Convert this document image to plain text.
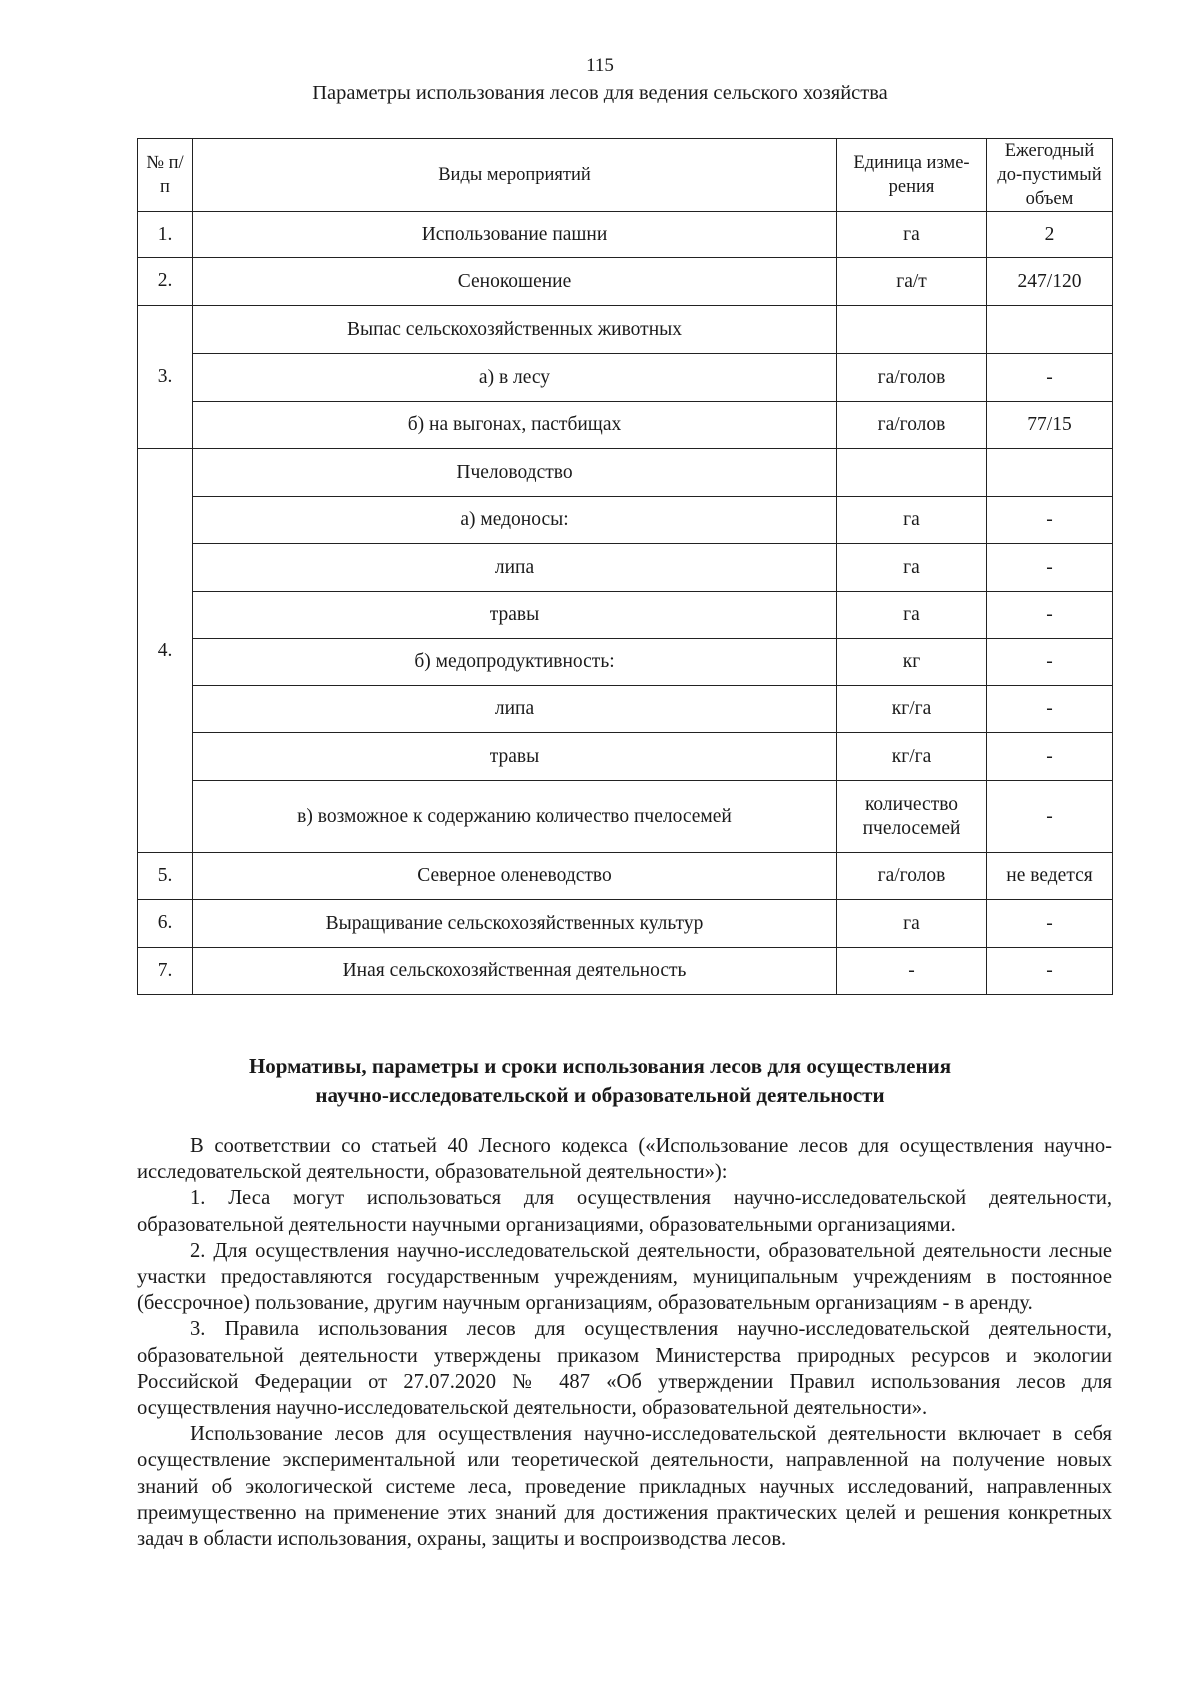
115
Параметры использования лесов для ведения сельского хозяйства
№ п/п	Виды мероприятий	Единица изме-рения	Ежегодный до-пустимый объем
1.	Использование пашни	га	2
2.	Сенокошение	га/т	247/120
3.	Выпас сельскохозяйственных животных		
	а) в лесу	га/голов	-
	б) на выгонах, пастбищах	га/голов	77/15
4.	Пчеловодство		
	а) медоносы:	га	-
	липа	га	-
	травы	га	-
	б) медопродуктивность:	кг	-
	липа	кг/га	-
	травы	кг/га	-
	в) возможное к содержанию количество пчелосемей	количество пчелосемей	-
5.	Северное оленеводство	га/голов	не ведется
6.	Выращивание сельскохозяйственных культур	га	-
7.	Иная сельскохозяйственная деятельность	-	-
Нормативы, параметры и сроки использования лесов для осуществления
научно-исследовательской и образовательной деятельности

В соответствии со статьей 40 Лесного кодекса («Использование лесов для осуществления научно-исследовательской деятельности, образовательной деятельности»):

1. Леса могут использоваться для осуществления научно-исследовательской деятельности, образовательной деятельности научными организациями, образовательными организациями.

2. Для осуществления научно-исследовательской деятельности, образовательной деятельности лесные участки предоставляются государственным учреждениям, муниципальным учреждениям в постоянное (бессрочное) пользование, другим научным организациям, образовательным организациям - в аренду.

3. Правила использования лесов для осуществления научно-исследовательской деятельности, образовательной деятельности утверждены приказом Министерства природных ресурсов и экологии Российской Федерации от 27.07.2020 № 487 «Об утверждении Правил использования лесов для осуществления научно-исследовательской деятельности, образовательной деятельности».

Использование лесов для осуществления научно-исследовательской деятельности включает в себя осуществление экспериментальной или теоретической деятельности, направленной на получение новых знаний об экологической системе леса, проведение прикладных научных исследований, направленных преимущественно на применение этих знаний для достижения практических целей и решения конкретных задач в области использования, охраны, защиты и воспроизводства лесов.
